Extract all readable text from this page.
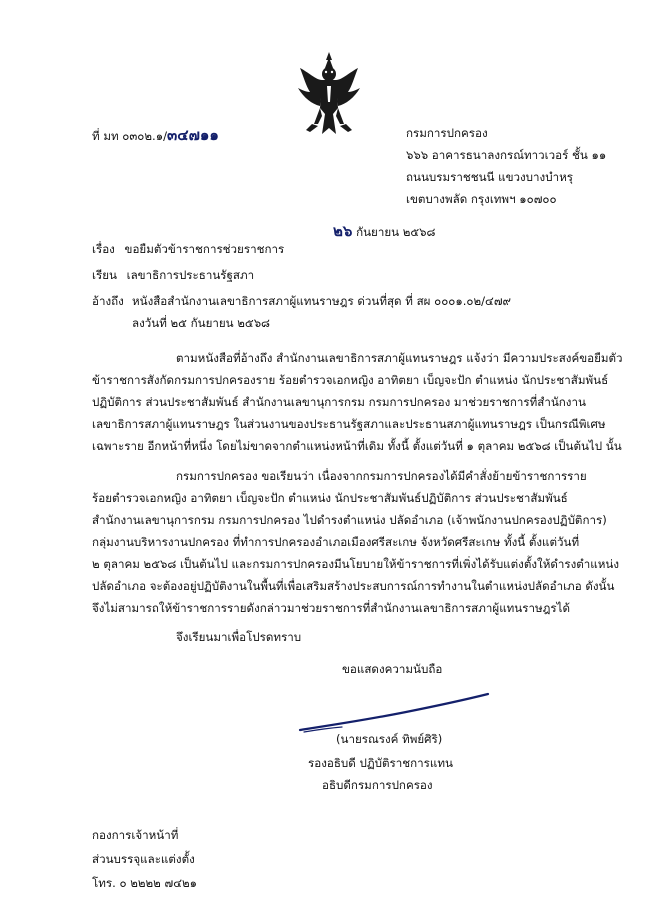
ที่ มท ๐๓๐๒.๑/๓๔๗๑๑	กรมการปกครอง
๖๖๖ อาคารธนาลงกรณ์ทาวเวอร์ ชั้น ๑๑
ถนนบรมราชชนนี แขวงบางบำหรุ
เขตบางพลัด กรุงเทพฯ ๑๐๗๐๐
๒๖ กันยายน ๒๕๖๘
เรื่อง ขอยืมตัวข้าราชการช่วยราชการ
เรียน เลขาธิการประธานรัฐสภา
อ้างถึง หนังสือสำนักงานเลขาธิการสภาผู้แทนราษฎร ด่วนที่สุด ที่ สผ ๐๐๐๑.๐๒/๔๗๙
ลงวันที่ ๒๕ กันยายน ๒๕๖๘
ตามหนังสือที่อ้างถึง สำนักงานเลขาธิการสภาผู้แทนราษฎร แจ้งว่า มีความประสงค์ขอยืมตัว
ข้าราชการสังกัดกรมการปกครองราย ร้อยตำรวจเอกหญิง อาทิตยา เบ็ญจะปัก ตำแหน่ง นักประชาสัมพันธ์
ปฏิบัติการ ส่วนประชาสัมพันธ์ สำนักงานเลขานุการกรม กรมการปกครอง มาช่วยราชการที่สำนักงาน
เลขาธิการสภาผู้แทนราษฎร ในส่วนงานของประธานรัฐสภาและประธานสภาผู้แทนราษฎร เป็นกรณีพิเศษ
เฉพาะราย อีกหน้าที่หนึ่ง โดยไม่ขาดจากตำแหน่งหน้าที่เดิม ทั้งนี้ ตั้งแต่วันที่ ๑ ตุลาคม ๒๕๖๘ เป็นต้นไป นั้น
กรมการปกครอง ขอเรียนว่า เนื่องจากกรมการปกครองได้มีคำสั่งย้ายข้าราชการราย
ร้อยตำรวจเอกหญิง อาทิตยา เบ็ญจะปัก ตำแหน่ง นักประชาสัมพันธ์ปฏิบัติการ ส่วนประชาสัมพันธ์
สำนักงานเลขานุการกรม กรมการปกครอง ไปดำรงตำแหน่ง ปลัดอำเภอ (เจ้าพนักงานปกครองปฏิบัติการ)
กลุ่มงานบริหารงานปกครอง ที่ทำการปกครองอำเภอเมืองศรีสะเกษ จังหวัดศรีสะเกษ ทั้งนี้ ตั้งแต่วันที่
๒ ตุลาคม ๒๕๖๘ เป็นต้นไป และกรมการปกครองมีนโยบายให้ข้าราชการที่เพิ่งได้รับแต่งตั้งให้ดำรงตำแหน่ง
ปลัดอำเภอ จะต้องอยู่ปฏิบัติงานในพื้นที่เพื่อเสริมสร้างประสบการณ์การทำงานในตำแหน่งปลัดอำเภอ ดังนั้น
จึงไม่สามารถให้ข้าราชการรายดังกล่าวมาช่วยราชการที่สำนักงานเลขาธิการสภาผู้แทนราษฎรได้
จึงเรียนมาเพื่อโปรดทราบ
ขอแสดงความนับถือ
(นายรณรงค์ ทิพย์ศิริ)
รองอธิบดี ปฏิบัติราชการแทน
อธิบดีกรมการปกครอง
กองการเจ้าหน้าที่
ส่วนบรรจุและแต่งตั้ง
โทร. ๐ ๒๒๒๒ ๗๔๒๑
